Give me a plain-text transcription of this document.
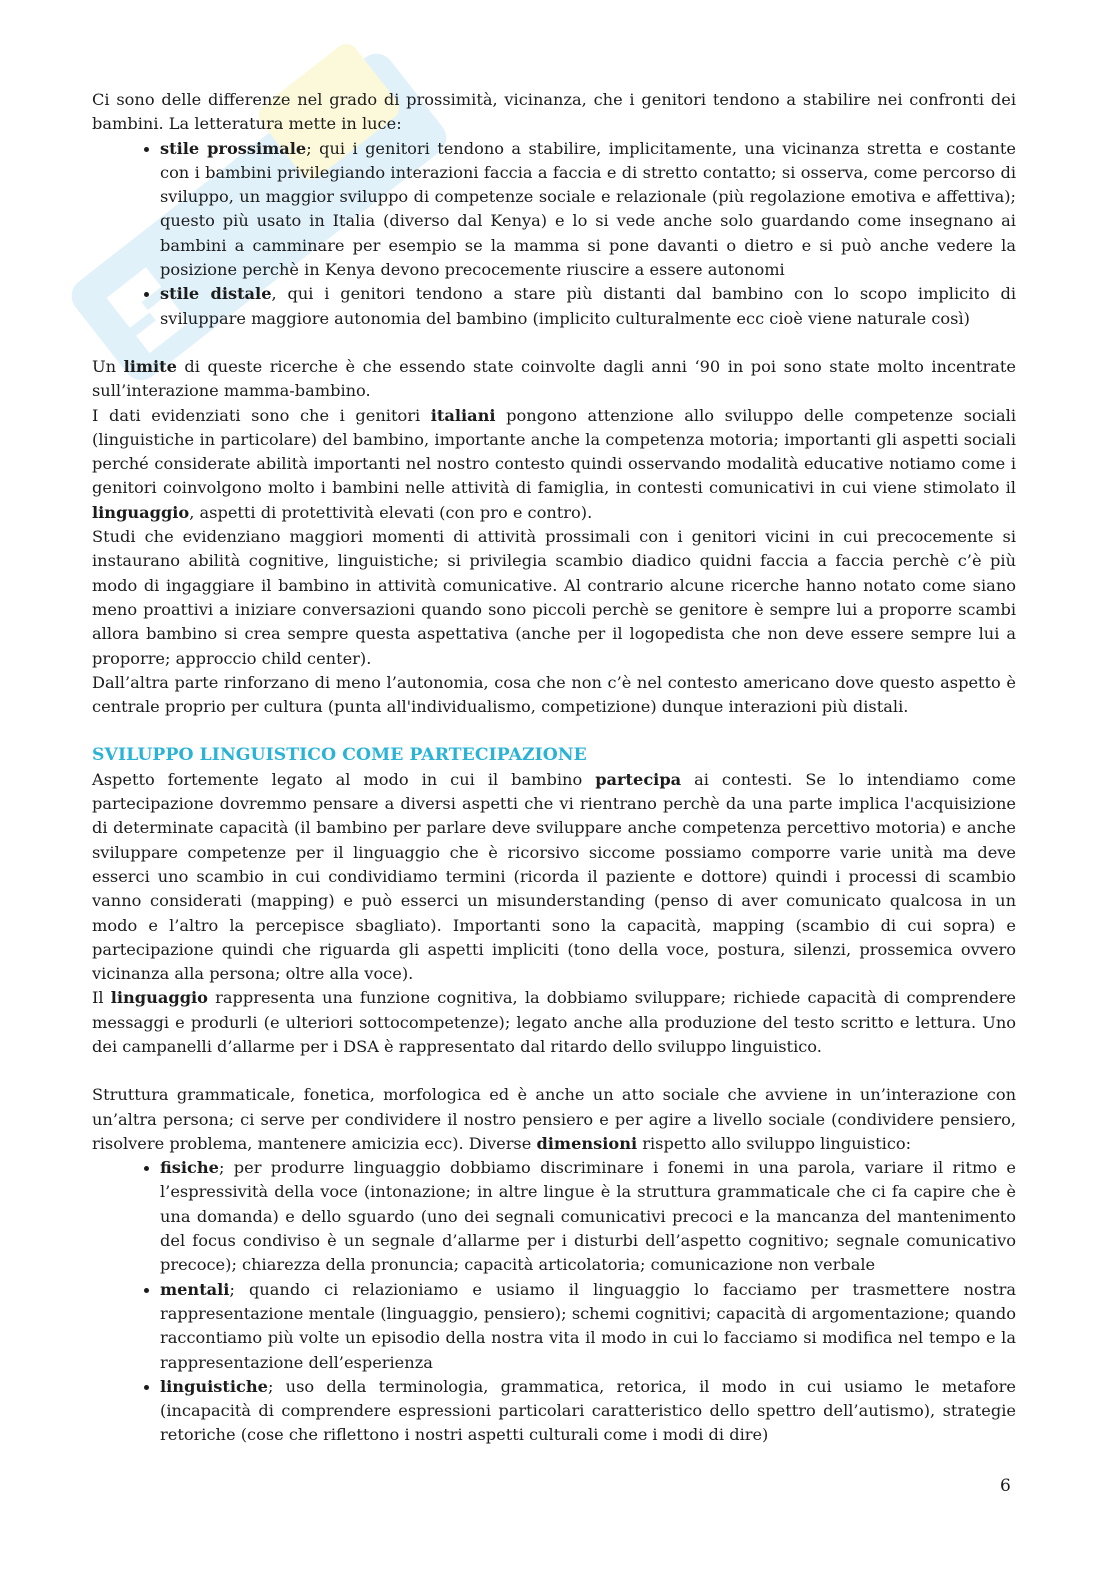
Ci sono delle differenze nel grado di prossimità, vicinanza, che i genitori tendono a stabilire nei confronti dei bambini. La letteratura mette in luce:

• stile prossimale; qui i genitori tendono a stabilire, implicitamente, una vicinanza stretta e costante con i bambini privilegiando interazioni faccia a faccia e di stretto contatto; si osserva, come percorso di sviluppo, un maggior sviluppo di competenze sociale e relazionale (più regolazione emotiva e affettiva); questo più usato in Italia (diverso dal Kenya) e lo si vede anche solo guardando come insegnano ai bambini a camminare per esempio se la mamma si pone davanti o dietro e si può anche vedere la posizione perchè in Kenya devono precocemente riuscire a essere autonomi
• stile distale, qui i genitori tendono a stare più distanti dal bambino con lo scopo implicito di sviluppare maggiore autonomia del bambino (implicito culturalmente ecc cioè viene naturale così)

Un limite di queste ricerche è che essendo state coinvolte dagli anni ‘90 in poi sono state molto incentrate sull’interazione mamma-bambino.

I dati evidenziati sono che i genitori italiani pongono attenzione allo sviluppo delle competenze sociali (linguistiche in particolare) del bambino, importante anche la competenza motoria; importanti gli aspetti sociali perché considerate abilità importanti nel nostro contesto quindi osservando modalità educative notiamo come i genitori coinvolgono molto i bambini nelle attività di famiglia, in contesti comunicativi in cui viene stimolato il linguaggio, aspetti di protettività elevati (con pro e contro).

Studi che evidenziano maggiori momenti di attività prossimali con i genitori vicini in cui precocemente si instaurano abilità cognitive, linguistiche; si privilegia scambio diadico quidni faccia a faccia perchè c’è più modo di ingaggiare il bambino in attività comunicative. Al contrario alcune ricerche hanno notato come siano meno proattivi a iniziare conversazioni quando sono piccoli perchè se genitore è sempre lui a proporre scambi allora bambino si crea sempre questa aspettativa (anche per il logopedista che non deve essere sempre lui a proporre; approccio child center).

Dall’altra parte rinforzano di meno l’autonomia, cosa che non c’è nel contesto americano dove questo aspetto è centrale proprio per cultura (punta all'individualismo, competizione) dunque interazioni più distali.

SVILUPPO LINGUISTICO COME PARTECIPAZIONE

Aspetto fortemente legato al modo in cui il bambino partecipa ai contesti. Se lo intendiamo come partecipazione dovremmo pensare a diversi aspetti che vi rientrano perchè da una parte implica l'acquisizione di determinate capacità (il bambino per parlare deve sviluppare anche competenza percettivo motoria) e anche sviluppare competenze per il linguaggio che è ricorsivo siccome possiamo comporre varie unità ma deve esserci uno scambio in cui condividiamo termini (ricorda il paziente e dottore) quindi i processi di scambio vanno considerati (mapping) e può esserci un misunderstanding (penso di aver comunicato qualcosa in un modo e l’altro la percepisce sbagliato). Importanti sono la capacità, mapping (scambio di cui sopra) e partecipazione quindi che riguarda gli aspetti impliciti (tono della voce, postura, silenzi, prossemica ovvero vicinanza alla persona; oltre alla voce).

Il linguaggio rappresenta una funzione cognitiva, la dobbiamo sviluppare; richiede capacità di comprendere messaggi e produrli (e ulteriori sottocompetenze); legato anche alla produzione del testo scritto e lettura. Uno dei campanelli d’allarme per i DSA è rappresentato dal ritardo dello sviluppo linguistico.

Struttura grammaticale, fonetica, morfologica ed è anche un atto sociale che avviene in un’interazione con un’altra persona; ci serve per condividere il nostro pensiero e per agire a livello sociale (condividere pensiero, risolvere problema, mantenere amicizia ecc). Diverse dimensioni rispetto allo sviluppo linguistico:

• fisiche; per produrre linguaggio dobbiamo discriminare i fonemi in una parola, variare il ritmo e l’espressività della voce (intonazione; in altre lingue è la struttura grammaticale che ci fa capire che è una domanda) e dello sguardo (uno dei segnali comunicativi precoci e la mancanza del mantenimento del focus condiviso è un segnale d’allarme per i disturbi dell’aspetto cognitivo; segnale comunicativo precoce); chiarezza della pronuncia; capacità articolatoria; comunicazione non verbale
• mentali; quando ci relazioniamo e usiamo il linguaggio lo facciamo per trasmettere nostra rappresentazione mentale (linguaggio, pensiero); schemi cognitivi; capacità di argomentazione; quando raccontiamo più volte un episodio della nostra vita il modo in cui lo facciamo si modifica nel tempo e la rappresentazione dell’esperienza
• linguistiche; uso della terminologia, grammatica, retorica, il modo in cui usiamo le metafore (incapacità di comprendere espressioni particolari caratteristico dello spettro dell’autismo), strategie retoriche (cose che riflettono i nostri aspetti culturali come i modi di dire)
6
